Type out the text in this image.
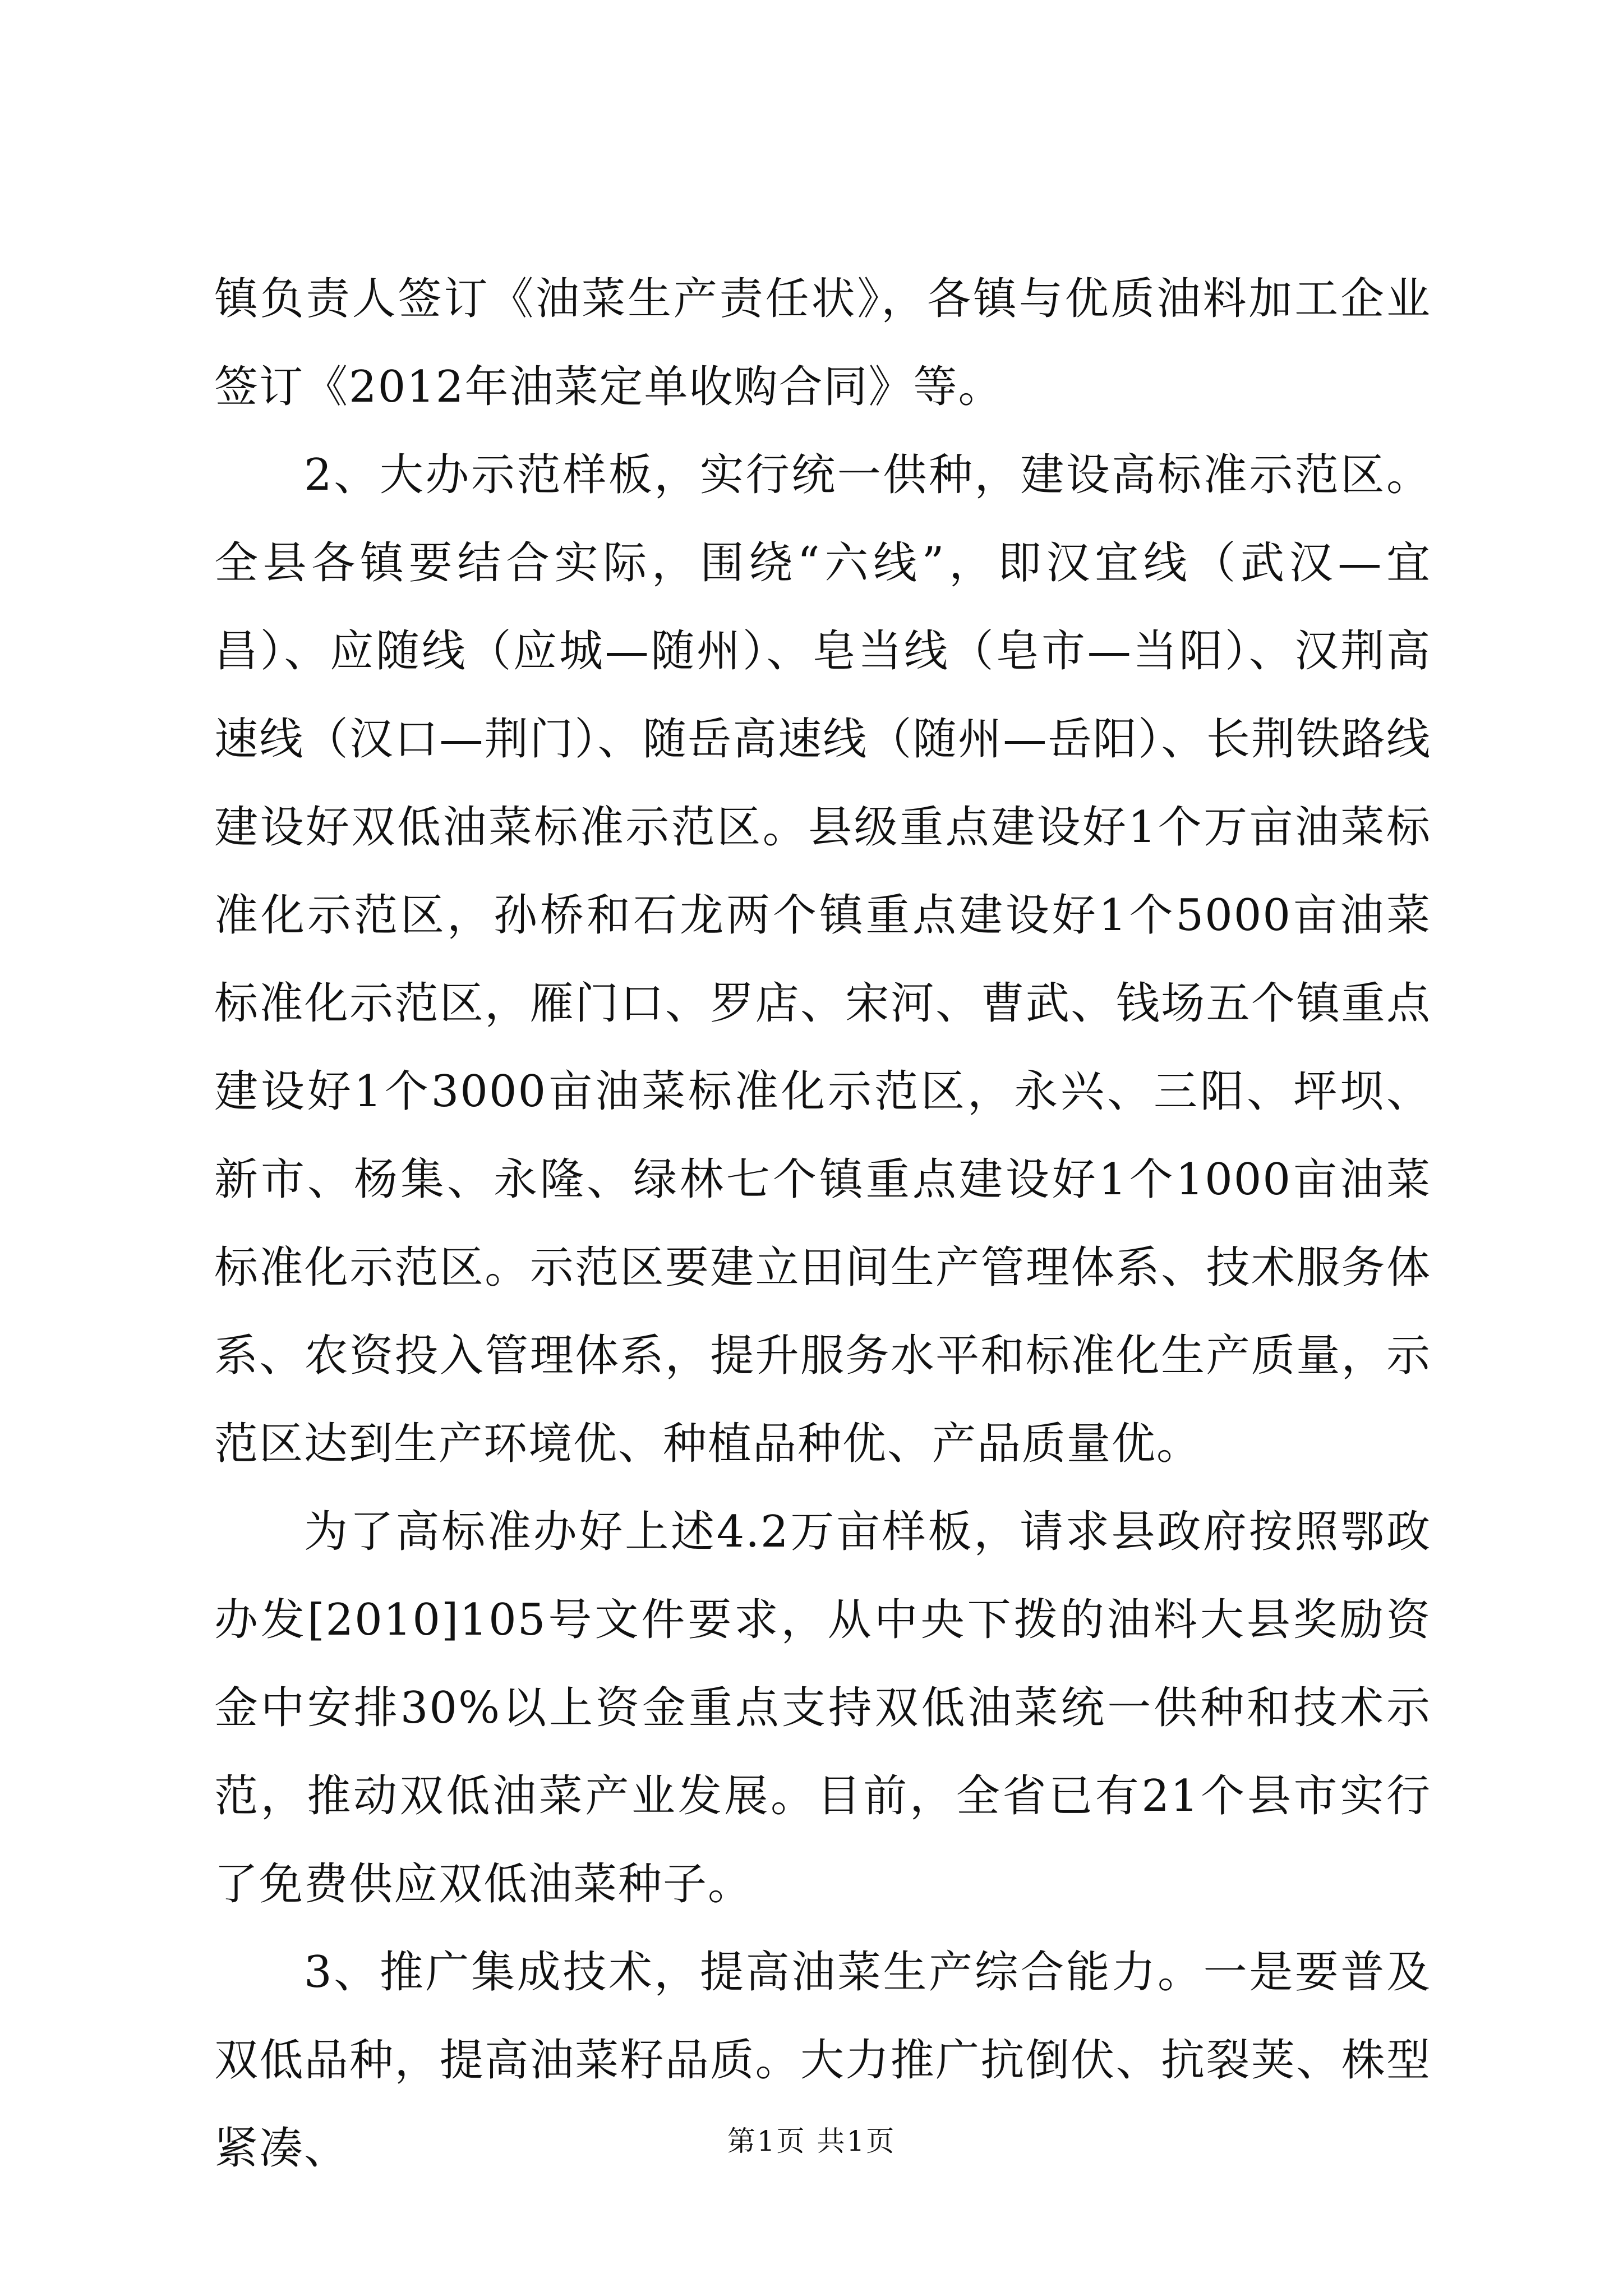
镇负责人签订《油菜生产责任状》，各镇与优质油料加工企业签订《2012年油菜定单收购合同》等。

2、大办示范样板，实行统一供种，建设高标准示范区。全县各镇要结合实际，围绕“六线”，即汉宜线（武汉—宜昌）、应随线（应城—随州）、皂当线（皂市—当阳）、汉荆高速线（汉口—荆门）、随岳高速线（随州—岳阳）、长荆铁路线建设好双低油菜标准示范区。县级重点建设好1个万亩油菜标准化示范区，孙桥和石龙两个镇重点建设好1个5000亩油菜标准化示范区，雁门口、罗店、宋河、曹武、钱场五个镇重点建设好1个3000亩油菜标准化示范区，永兴、三阳、坪坝、新市、杨集、永隆、绿林七个镇重点建设好1个1000亩油菜标准化示范区。示范区要建立田间生产管理体系、技术服务体系、农资投入管理体系，提升服务水平和标准化生产质量，示范区达到生产环境优、种植品种优、产品质量优。

为了高标准办好上述4.2万亩样板，请求县政府按照鄂政办发[2010]105号文件要求，从中央下拨的油料大县奖励资金中安排30%以上资金重点支持双低油菜统一供种和技术示范，推动双低油菜产业发展。目前，全省已有21个县市实行了免费供应双低油菜种子。

3、推广集成技术，提高油菜生产综合能力。一是要普及双低品种，提高油菜籽品质。大力推广抗倒伏、抗裂荚、株型紧凑、	第1页 共1页
